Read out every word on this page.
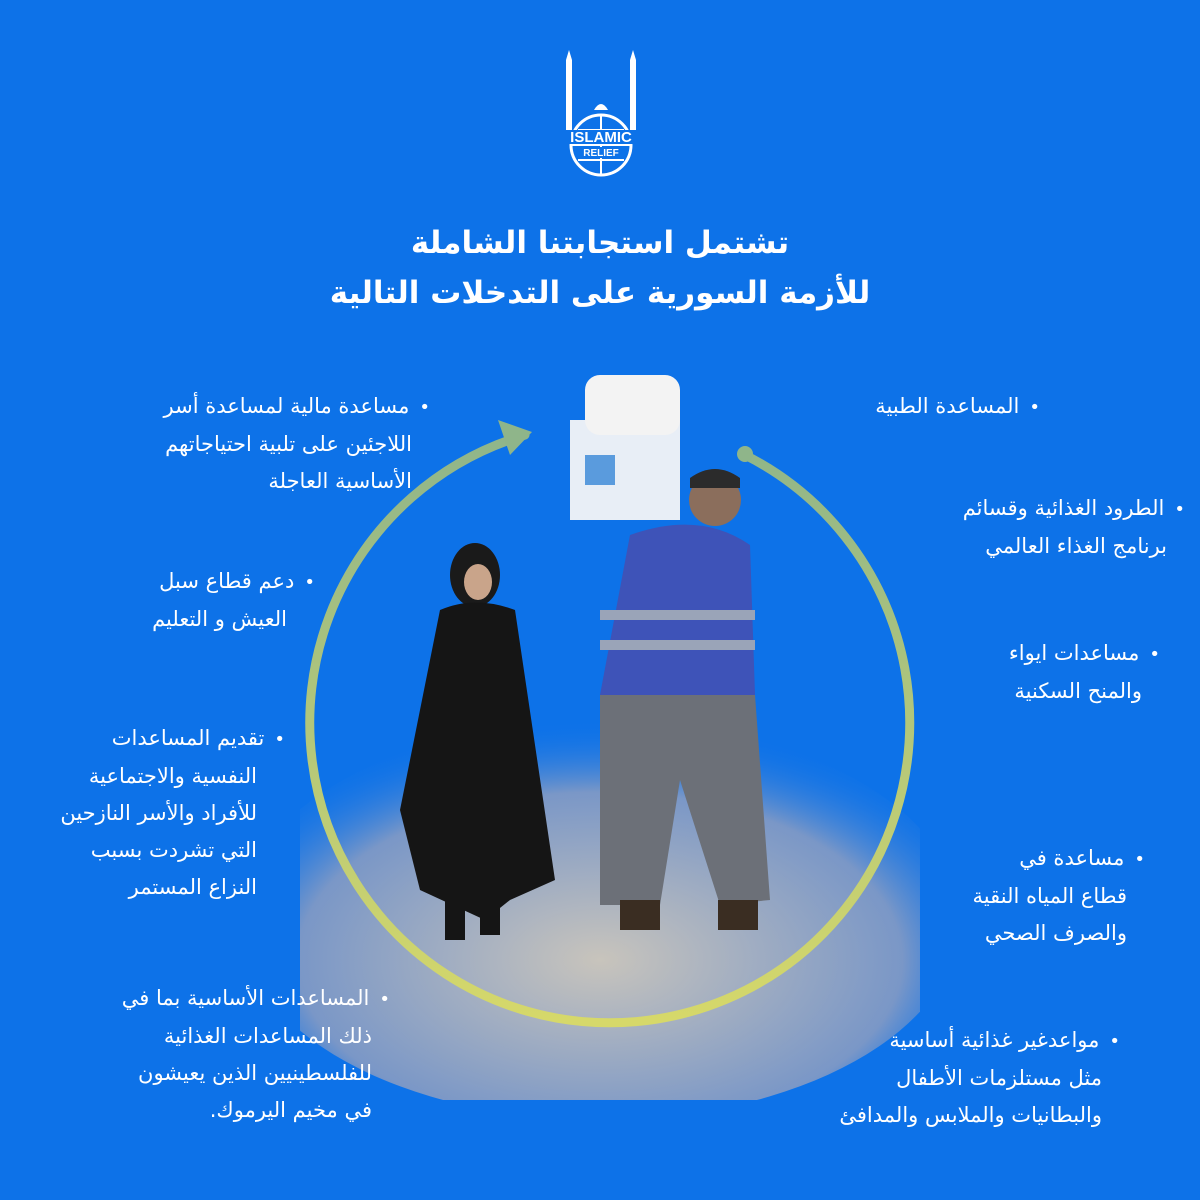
ISLAMIC
RELIEF
تشتمل استجابتنا الشاملة
للأزمة السورية على التدخلات التالية
•مساعدة مالية لمساعدة أسر
اللاجئين على تلبية احتياجاتهم
الأساسية العاجلة
•دعم قطاع سبل
العيش و التعليم
•تقديم المساعدات
النفسية والاجتماعية
للأفراد والأسر النازحين
التي تشردت بسبب
النزاع المستمر
•المساعدات الأساسية بما في
ذلك المساعدات الغذائية
للفلسطينيين الذين يعيشون
في مخيم اليرموك.
•المساعدة الطبية
•الطرود الغذائية وقسائم
برنامج الغذاء العالمي
•مساعدات ايواء
والمنح السكنية
•مساعدة في
قطاع المياه النقية
والصرف الصحي
•مواعدغير غذائية أساسية
مثل مستلزمات الأطفال
والبطانيات والملابس والمدافئ
